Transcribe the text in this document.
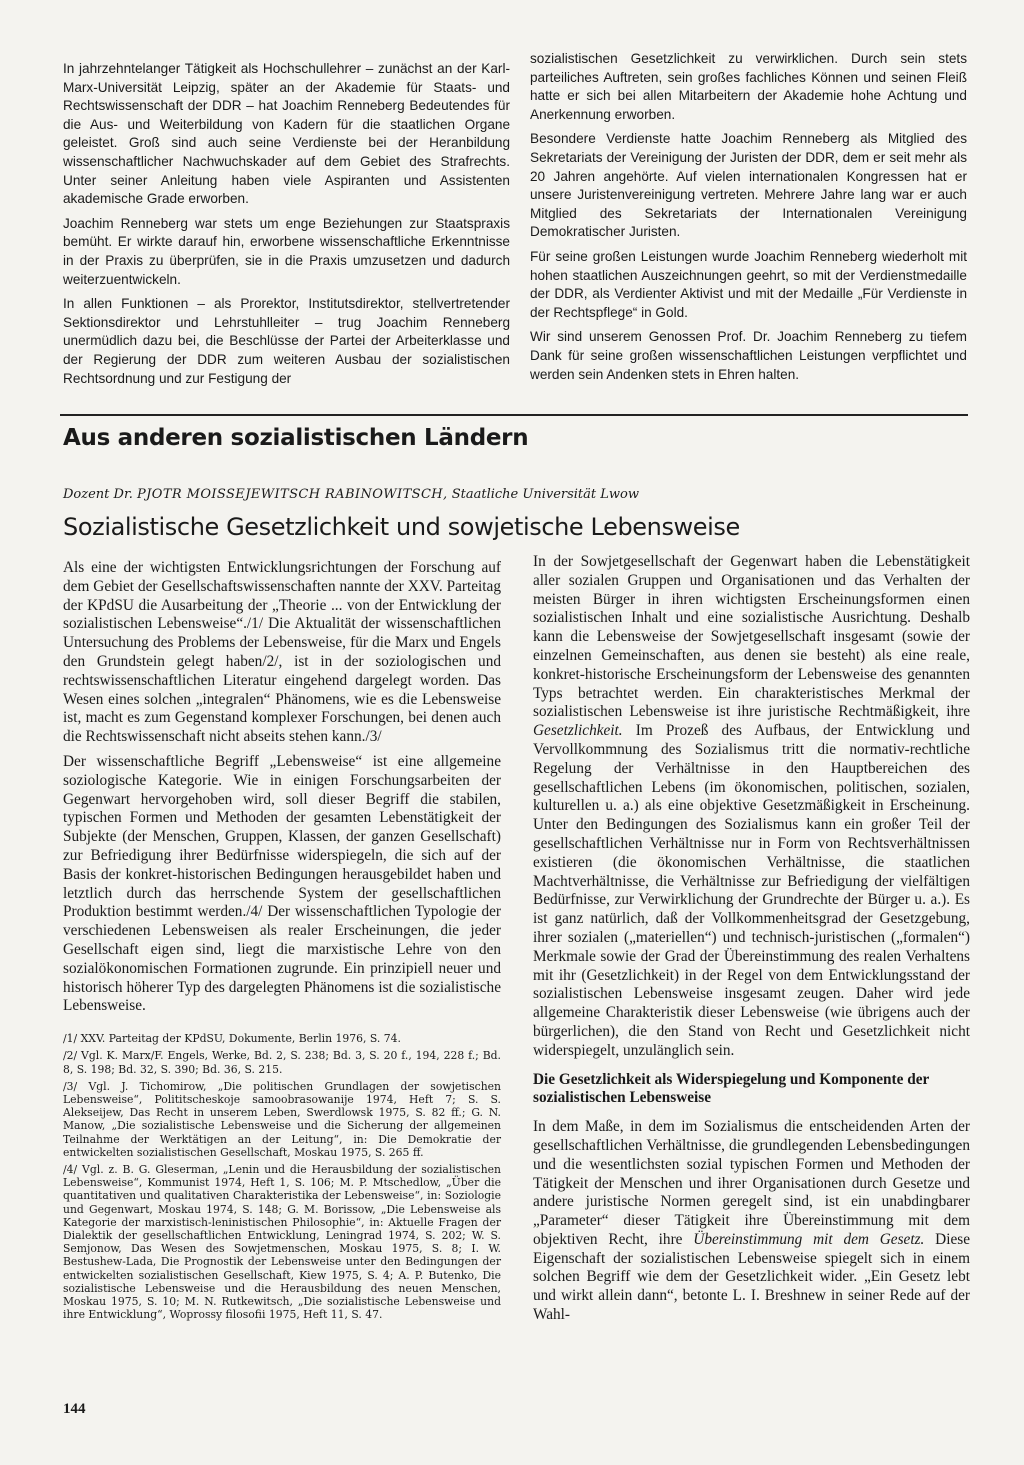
In jahrzehntelanger Tätigkeit als Hochschullehrer – zunächst an der Karl-Marx-Universität Leipzig, später an der Akademie für Staats- und Rechtswissenschaft der DDR – hat Joachim Renneberg Bedeutendes für die Aus- und Weiterbildung von Kadern für die staatlichen Organe geleistet. Groß sind auch seine Verdienste bei der Heranbildung wissenschaftlicher Nachwuchskader auf dem Gebiet des Strafrechts. Unter seiner Anleitung haben viele Aspiranten und Assistenten akademische Grade erworben.

Joachim Renneberg war stets um enge Beziehungen zur Staatspraxis bemüht. Er wirkte darauf hin, erworbene wissenschaftliche Erkenntnisse in der Praxis zu überprüfen, sie in die Praxis umzusetzen und dadurch weiterzuentwickeln.

In allen Funktionen – als Prorektor, Institutsdirektor, stellvertretender Sektionsdirektor und Lehrstuhlleiter – trug Joachim Renneberg unermüdlich dazu bei, die Beschlüsse der Partei der Arbeiterklasse und der Regierung der DDR zum weiteren Ausbau der sozialistischen Rechtsordnung und zur Festigung der

sozialistischen Gesetzlichkeit zu verwirklichen. Durch sein stets parteiliches Auftreten, sein großes fachliches Können und seinen Fleiß hatte er sich bei allen Mitarbeitern der Akademie hohe Achtung und Anerkennung erworben.

Besondere Verdienste hatte Joachim Renneberg als Mitglied des Sekretariats der Vereinigung der Juristen der DDR, dem er seit mehr als 20 Jahren angehörte. Auf vielen internationalen Kongressen hat er unsere Juristenvereinigung vertreten. Mehrere Jahre lang war er auch Mitglied des Sekretariats der Internationalen Vereinigung Demokratischer Juristen.

Für seine großen Leistungen wurde Joachim Renneberg wiederholt mit hohen staatlichen Auszeichnungen geehrt, so mit der Verdienstmedaille der DDR, als Verdienter Aktivist und mit der Medaille „Für Verdienste in der Rechtspflege“ in Gold.

Wir sind unserem Genossen Prof. Dr. Joachim Renneberg zu tiefem Dank für seine großen wissenschaftlichen Leistungen verpflichtet und werden sein Andenken stets in Ehren halten.

Aus anderen sozialistischen Ländern

Dozent Dr. PJOTR MOISSEJEWITSCH RABINOWITSCH, Staatliche Universität Lwow

Sozialistische Gesetzlichkeit und sowjetische Lebensweise

Als eine der wichtigsten Entwicklungsrichtungen der Forschung auf dem Gebiet der Gesellschaftswissenschaften nannte der XXV. Parteitag der KPdSU die Ausarbeitung der „Theorie ... von der Entwicklung der sozialistischen Lebensweise“./1/ Die Aktualität der wissenschaftlichen Untersuchung des Problems der Lebensweise, für die Marx und Engels den Grundstein gelegt haben/2/, ist in der soziologischen und rechtswissenschaftlichen Literatur eingehend dargelegt worden. Das Wesen eines solchen „integralen“ Phänomens, wie es die Lebensweise ist, macht es zum Gegenstand komplexer Forschungen, bei denen auch die Rechtswissenschaft nicht abseits stehen kann./3/

Der wissenschaftliche Begriff „Lebensweise“ ist eine allgemeine soziologische Kategorie. Wie in einigen Forschungsarbeiten der Gegenwart hervorgehoben wird, soll dieser Begriff die stabilen, typischen Formen und Methoden der gesamten Lebenstätigkeit der Subjekte (der Menschen, Gruppen, Klassen, der ganzen Gesellschaft) zur Befriedigung ihrer Bedürfnisse widerspiegeln, die sich auf der Basis der konkret-historischen Bedingungen herausgebildet haben und letztlich durch das herrschende System der gesellschaftlichen Produktion bestimmt werden./4/ Der wissenschaftlichen Typologie der verschiedenen Lebensweisen als realer Erscheinungen, die jeder Gesellschaft eigen sind, liegt die marxistische Lehre von den sozialökonomischen Formationen zugrunde. Ein prinzipiell neuer und historisch höherer Typ des dargelegten Phänomens ist die sozialistische Lebensweise.

/1/ XXV. Parteitag der KPdSU, Dokumente, Berlin 1976, S. 74.

/2/ Vgl. K. Marx/F. Engels, Werke, Bd. 2, S. 238; Bd. 3, S. 20 f., 194, 228 f.; Bd. 8, S. 198; Bd. 32, S. 390; Bd. 36, S. 215.

/3/ Vgl. J. Tichomirow, „Die politischen Grundlagen der sowjetischen Lebensweise“, Polititscheskoje samoobrasowanije 1974, Heft 7; S. S. Alekseijew, Das Recht in unserem Leben, Swerdlowsk 1975, S. 82 ff.; G. N. Manow, „Die sozialistische Lebensweise und die Sicherung der allgemeinen Teilnahme der Werktätigen an der Leitung“, in: Die Demokratie der entwickelten sozialistischen Gesellschaft, Moskau 1975, S. 265 ff.

/4/ Vgl. z. B. G. Gleserman, „Lenin und die Herausbildung der sozialistischen Lebensweise“, Kommunist 1974, Heft 1, S. 106; M. P. Mtschedlow, „Über die quantitativen und qualitativen Charakteristika der Lebensweise“, in: Soziologie und Gegenwart, Moskau 1974, S. 148; G. M. Borissow, „Die Lebensweise als Kategorie der marxistisch-leninistischen Philosophie“, in: Aktuelle Fragen der Dialektik der gesellschaftlichen Entwicklung, Leningrad 1974, S. 202; W. S. Semjonow, Das Wesen des Sowjetmenschen, Moskau 1975, S. 8; I. W. Bestushew-Lada, Die Prognostik der Lebensweise unter den Bedingungen der entwickelten sozialistischen Gesellschaft, Kiew 1975, S. 4; A. P. Butenko, Die sozialistische Lebensweise und die Herausbildung des neuen Menschen, Moskau 1975, S. 10; M. N. Rutkewitsch, „Die sozialistische Lebensweise und ihre Entwicklung“, Woprossy filosofii 1975, Heft 11, S. 47.

In der Sowjetgesellschaft der Gegenwart haben die Lebenstätigkeit aller sozialen Gruppen und Organisationen und das Verhalten der meisten Bürger in ihren wichtigsten Erscheinungsformen einen sozialistischen Inhalt und eine sozialistische Ausrichtung. Deshalb kann die Lebensweise der Sowjetgesellschaft insgesamt (sowie der einzelnen Gemeinschaften, aus denen sie besteht) als eine reale, konkret-historische Erscheinungsform der Lebensweise des genannten Typs betrachtet werden. Ein charakteristisches Merkmal der sozialistischen Lebensweise ist ihre juristische Rechtmäßigkeit, ihre Gesetzlichkeit. Im Prozeß des Aufbaus, der Entwicklung und Vervollkommnung des Sozialismus tritt die normativ-rechtliche Regelung der Verhältnisse in den Hauptbereichen des gesellschaftlichen Lebens (im ökonomischen, politischen, sozialen, kulturellen u. a.) als eine objektive Gesetzmäßigkeit in Erscheinung. Unter den Bedingungen des Sozialismus kann ein großer Teil der gesellschaftlichen Verhältnisse nur in Form von Rechtsverhältnissen existieren (die ökonomischen Verhältnisse, die staatlichen Machtverhältnisse, die Verhältnisse zur Befriedigung der vielfältigen Bedürfnisse, zur Verwirklichung der Grundrechte der Bürger u. a.). Es ist ganz natürlich, daß der Vollkommenheitsgrad der Gesetzgebung, ihrer sozialen („materiellen“) und technisch-juristischen („formalen“) Merkmale sowie der Grad der Übereinstimmung des realen Verhaltens mit ihr (Gesetzlichkeit) in der Regel von dem Entwicklungsstand der sozialistischen Lebensweise insgesamt zeugen. Daher wird jede allgemeine Charakteristik dieser Lebensweise (wie übrigens auch der bürgerlichen), die den Stand von Recht und Gesetzlichkeit nicht widerspiegelt, unzulänglich sein.

Die Gesetzlichkeit als Widerspiegelung und Komponente der sozialistischen Lebensweise

In dem Maße, in dem im Sozialismus die entscheidenden Arten der gesellschaftlichen Verhältnisse, die grundlegenden Lebensbedingungen und die wesentlichsten sozial typischen Formen und Methoden der Tätigkeit der Menschen und ihrer Organisationen durch Gesetze und andere juristische Normen geregelt sind, ist ein unabdingbarer „Parameter“ dieser Tätigkeit ihre Übereinstimmung mit dem objektiven Recht, ihre Übereinstimmung mit dem Gesetz. Diese Eigenschaft der sozialistischen Lebensweise spiegelt sich in einem solchen Begriff wie dem der Gesetzlichkeit wider. „Ein Gesetz lebt und wirkt allein dann“, betonte L. I. Breshnew in seiner Rede auf der Wahl-

144
